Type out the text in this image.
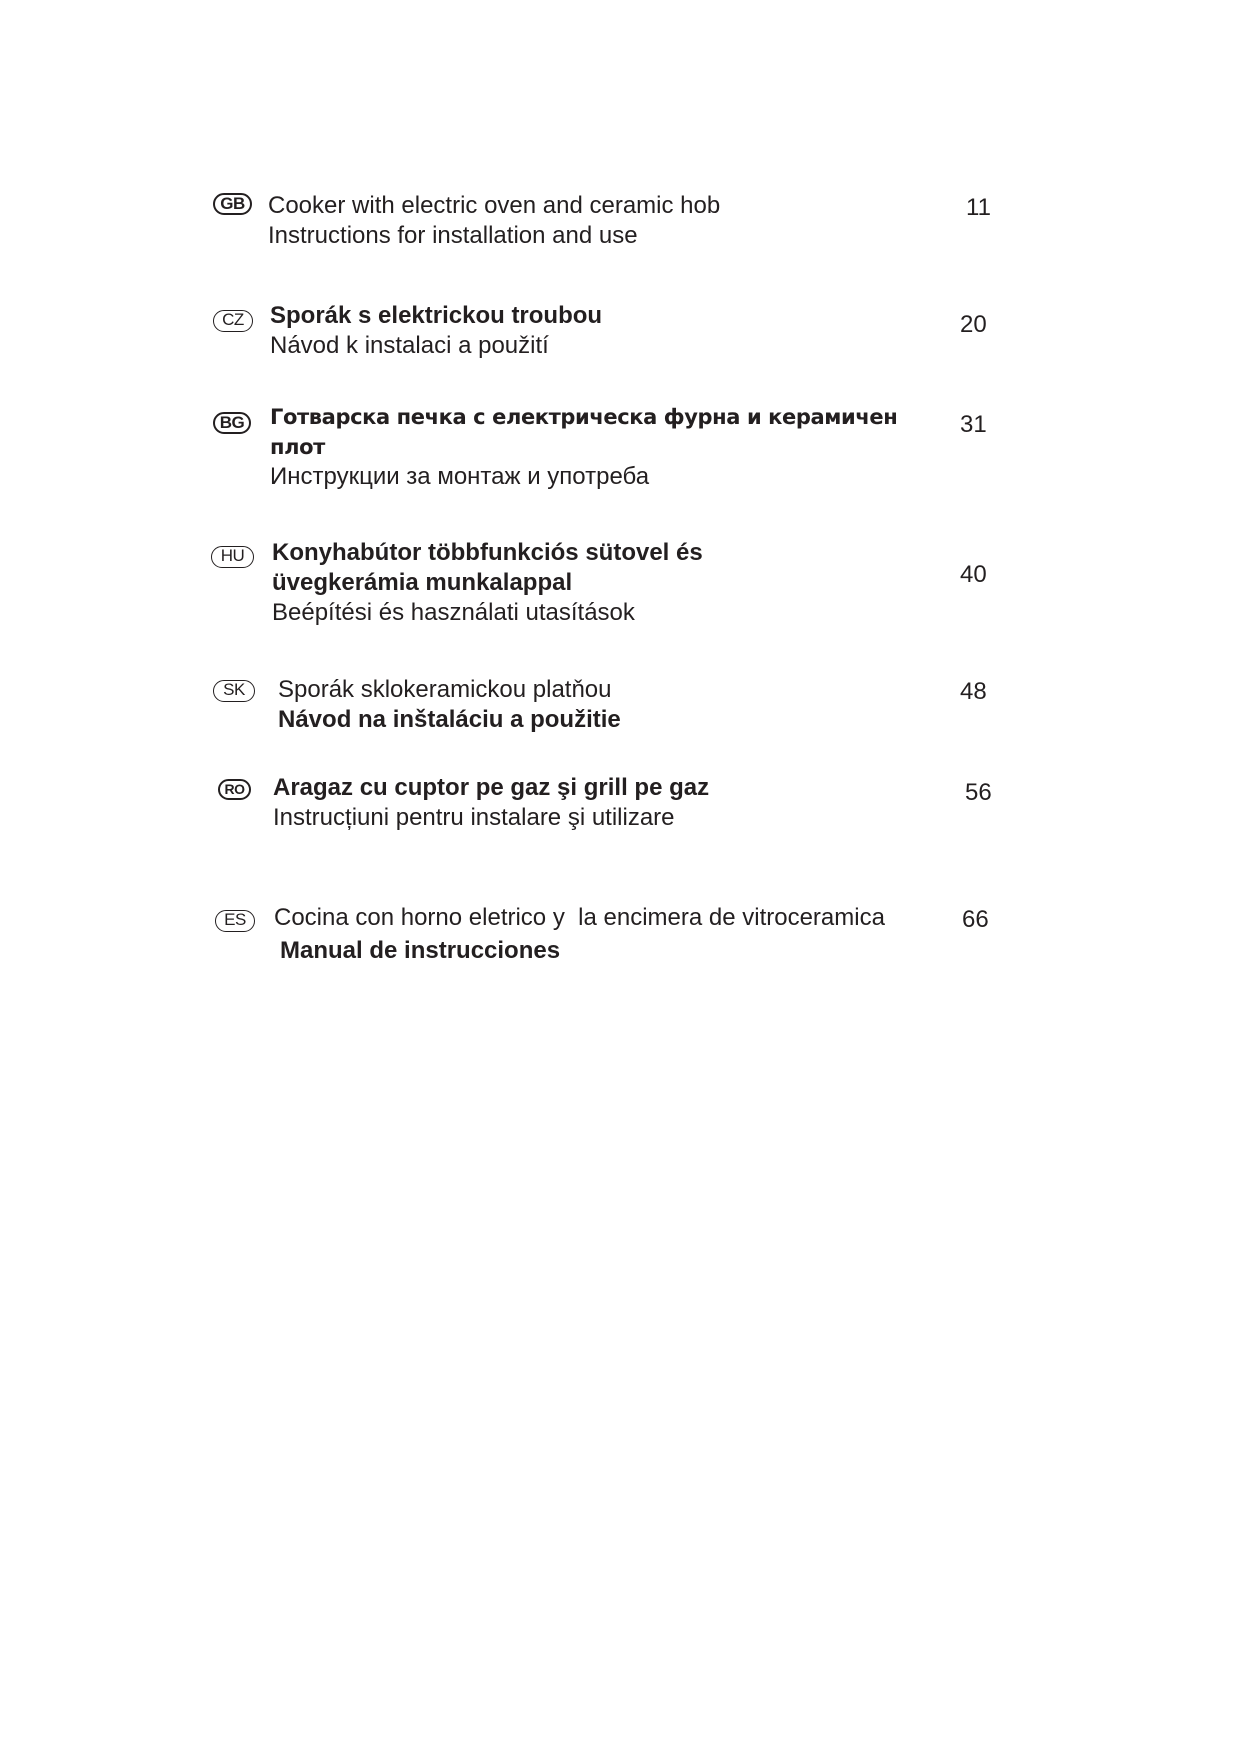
GB Cooker with electric oven and ceramic hob
Instructions for installation and use
11
CZ	Sporák s elektrickou troubou
Návod k instalaci a použití
20
BG	Готварска печка с електрическа фурна и керамичен
плот
Инструкции за монтаж и употреба
31
HU	Konyhabútor többfunkciós sütovel és
üvegkerámia munkalappal
Beépítési és használati utasítások
40
SK	Sporák sklokeramickou platňou
Návod na inštaláciu a použitie
48
RO Aragaz cu cuptor pe gaz şi grill pe gaz
Instrucțiuni pentru instalare şi utilizare
56
ES	Cocina con horno eletrico y  la encimera de vitroceramica
Manual de instrucciones
66
